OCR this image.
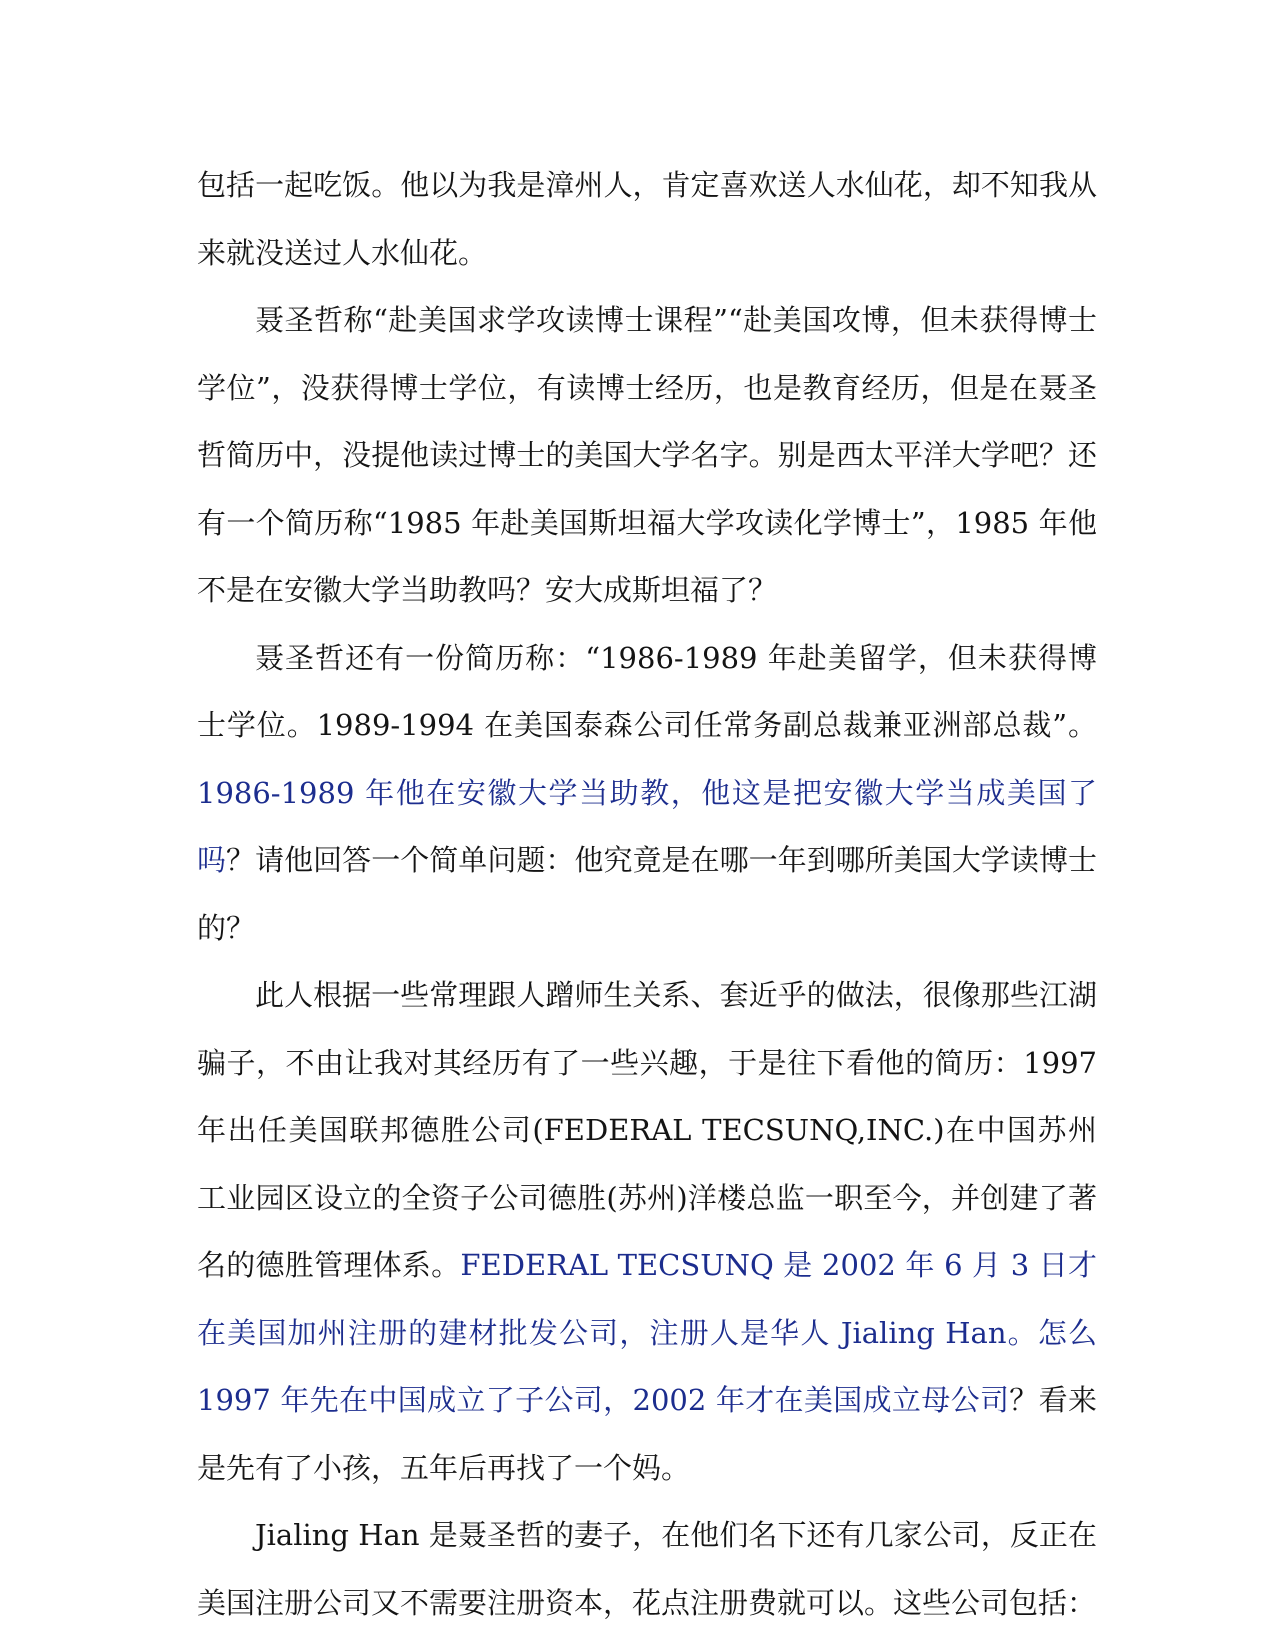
包括一起吃饭。他以为我是漳州人，肯定喜欢送人水仙花，却不知我从来就没送过人水仙花。

聂圣哲称“赴美国求学攻读博士课程”“赴美国攻博，但未获得博士学位”，没获得博士学位，有读博士经历，也是教育经历，但是在聂圣哲简历中，没提他读过博士的美国大学名字。别是西太平洋大学吧？还有一个简历称“1985 年赴美国斯坦福大学攻读化学博士”，1985 年他不是在安徽大学当助教吗？安大成斯坦福了？

聂圣哲还有一份简历称：“1986-1989 年赴美留学，但未获得博士学位。1989-1994 在美国泰森公司任常务副总裁兼亚洲部总裁”。1986-1989 年他在安徽大学当助教，他这是把安徽大学当成美国了吗？请他回答一个简单问题：他究竟是在哪一年到哪所美国大学读博士的？

此人根据一些常理跟人蹭师生关系、套近乎的做法，很像那些江湖骗子，不由让我对其经历有了一些兴趣，于是往下看他的简历：1997 年出任美国联邦德胜公司(FEDERAL TECSUNQ,INC.)在中国苏州工业园区设立的全资子公司德胜(苏州)洋楼总监一职至今，并创建了著名的德胜管理体系。FEDERAL TECSUNQ 是 2002 年 6 月 3 日才在美国加州注册的建材批发公司，注册人是华人 Jialing Han。怎么 1997 年先在中国成立了子公司，2002 年才在美国成立母公司？看来是先有了小孩，五年后再找了一个妈。

Jialing Han 是聂圣哲的妻子，在他们名下还有几家公司，反正在美国注册公司又不需要注册资本，花点注册费就可以。这些公司包括：
